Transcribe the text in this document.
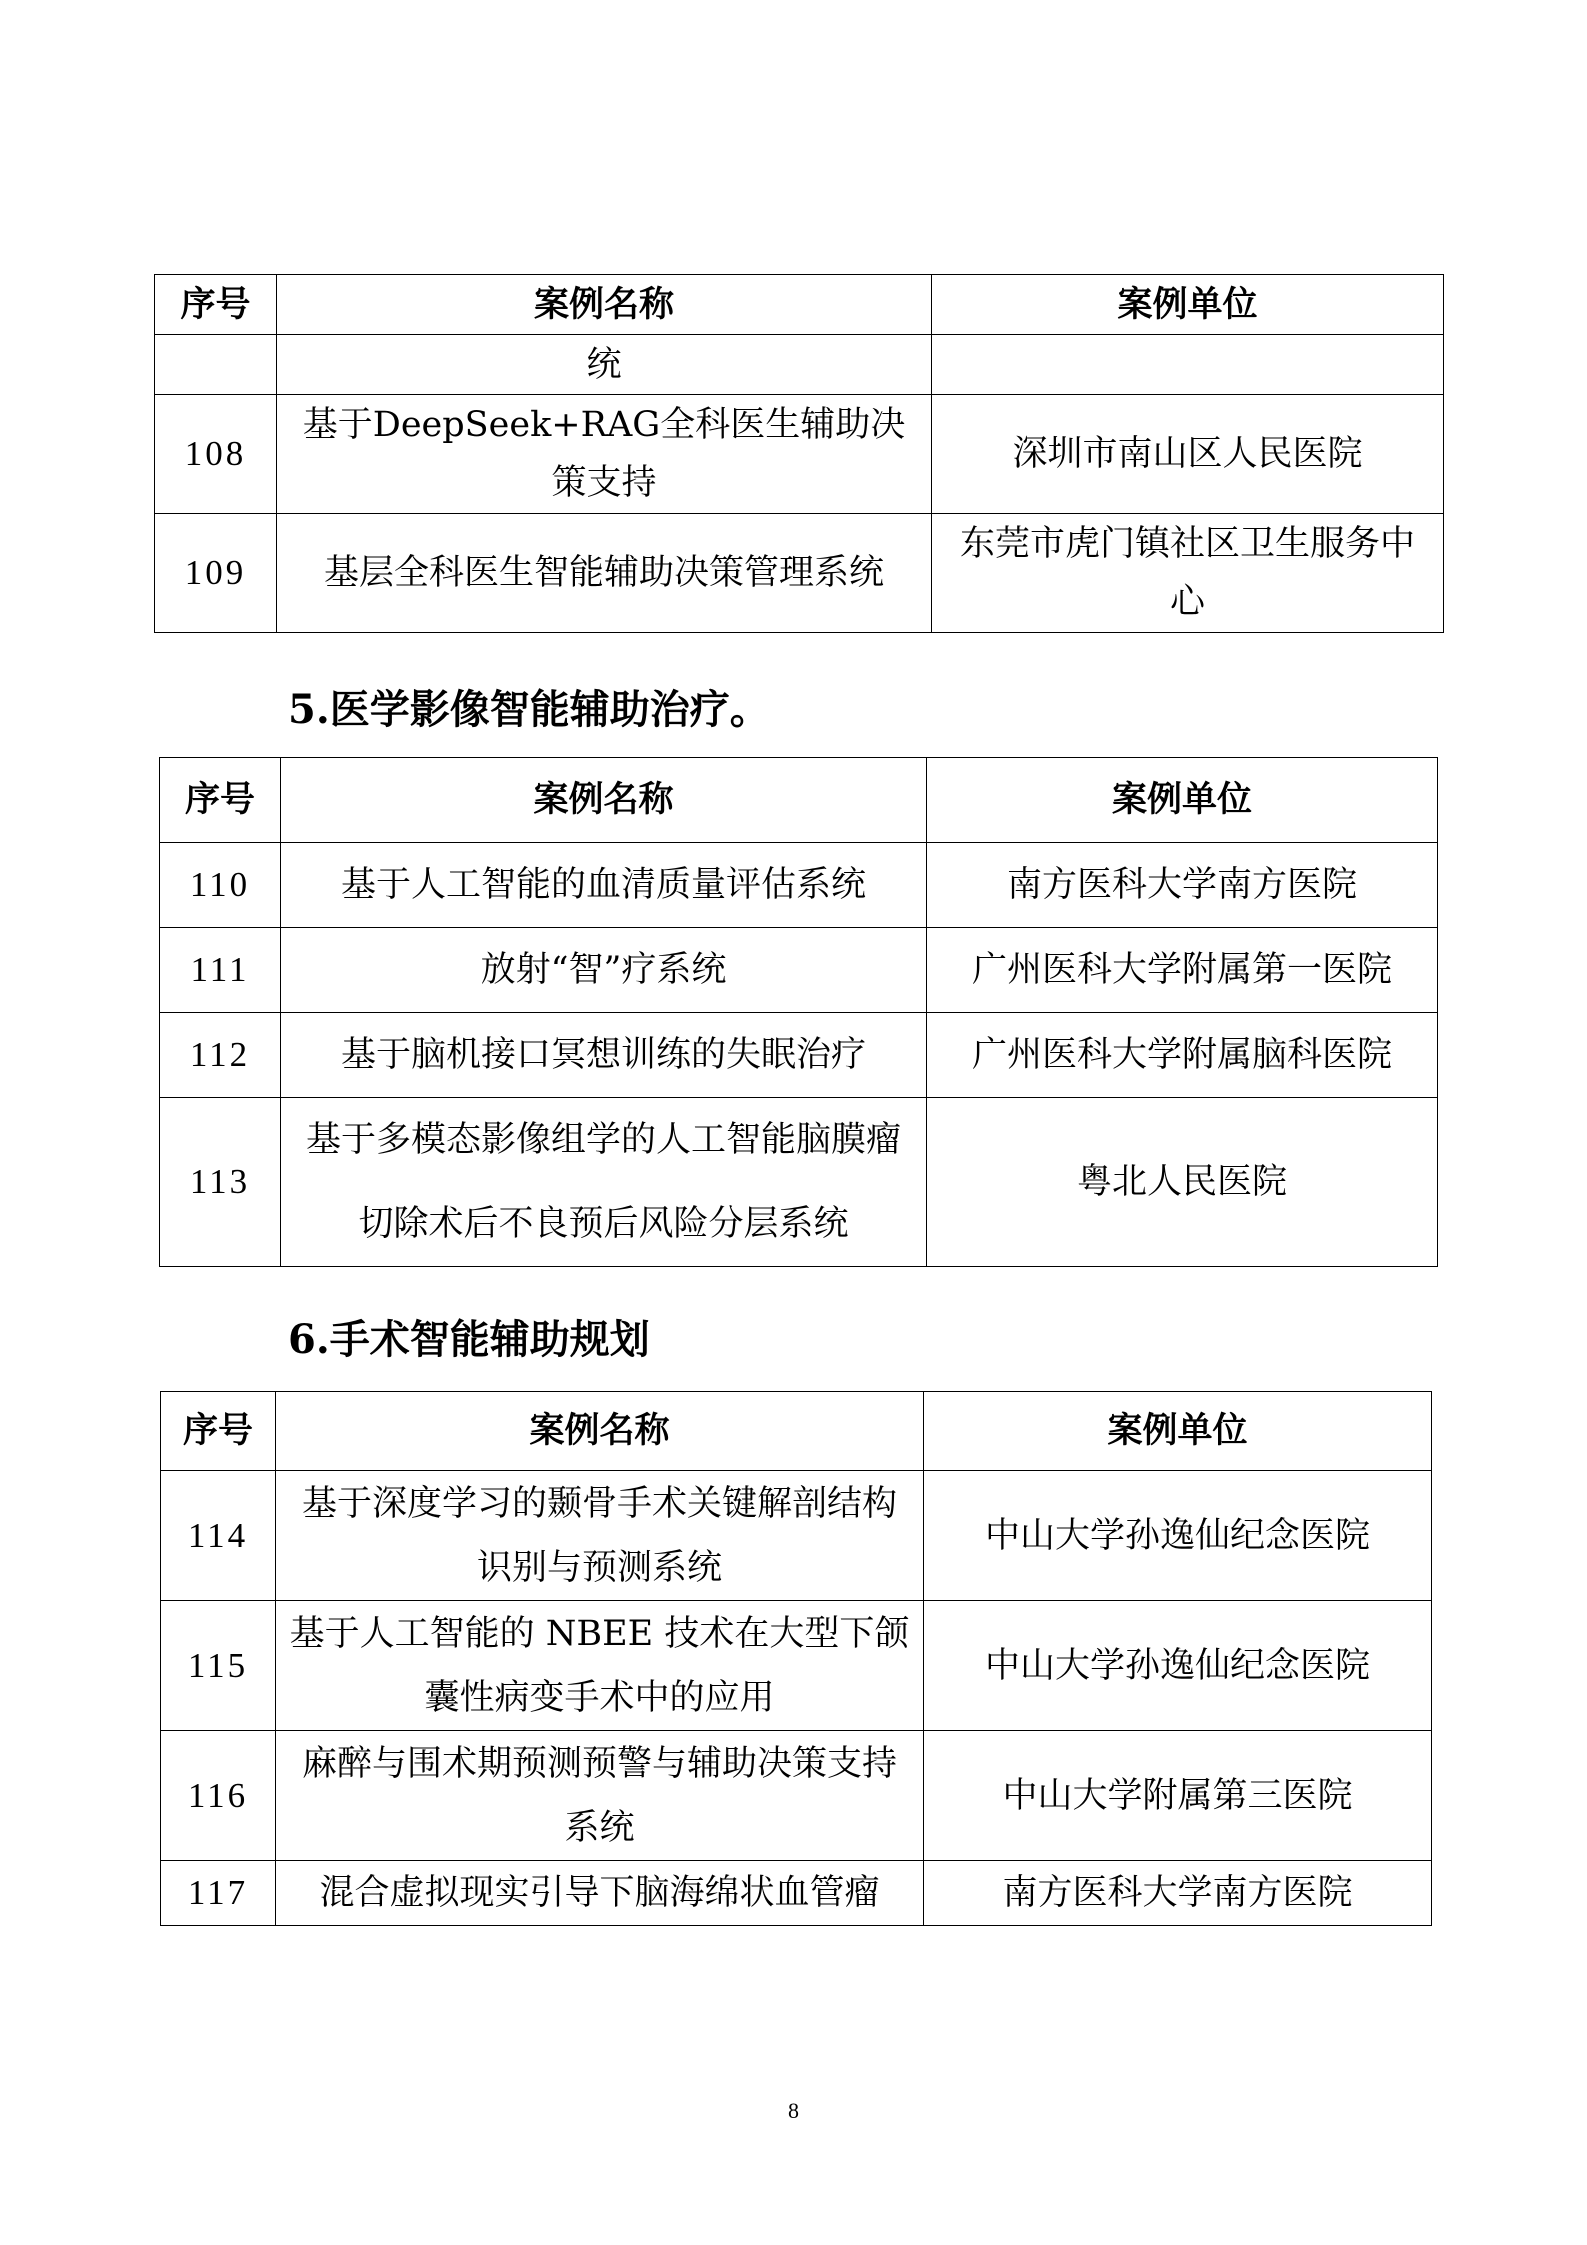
序号	案例名称	案例单位
	统	
108	基于DeepSeek+RAG全科医生辅助决策支持	深圳市南山区人民医院
109	基层全科医生智能辅助决策管理系统	东莞市虎门镇社区卫生服务中心
5.医学影像智能辅助治疗。
序号	案例名称	案例单位
110	基于人工智能的血清质量评估系统	南方医科大学南方医院
111	放射“智”疗系统	广州医科大学附属第一医院
112	基于脑机接口冥想训练的失眠治疗	广州医科大学附属脑科医院
113	基于多模态影像组学的人工智能脑膜瘤切除术后不良预后风险分层系统	粤北人民医院
6.手术智能辅助规划
序号	案例名称	案例单位
114	基于深度学习的颞骨手术关键解剖结构识别与预测系统	中山大学孙逸仙纪念医院
115	基于人工智能的 NBEE 技术在大型下颌囊性病变手术中的应用	中山大学孙逸仙纪念医院
116	麻醉与围术期预测预警与辅助决策支持系统	中山大学附属第三医院
117	混合虚拟现实引导下脑海绵状血管瘤	南方医科大学南方医院
8
